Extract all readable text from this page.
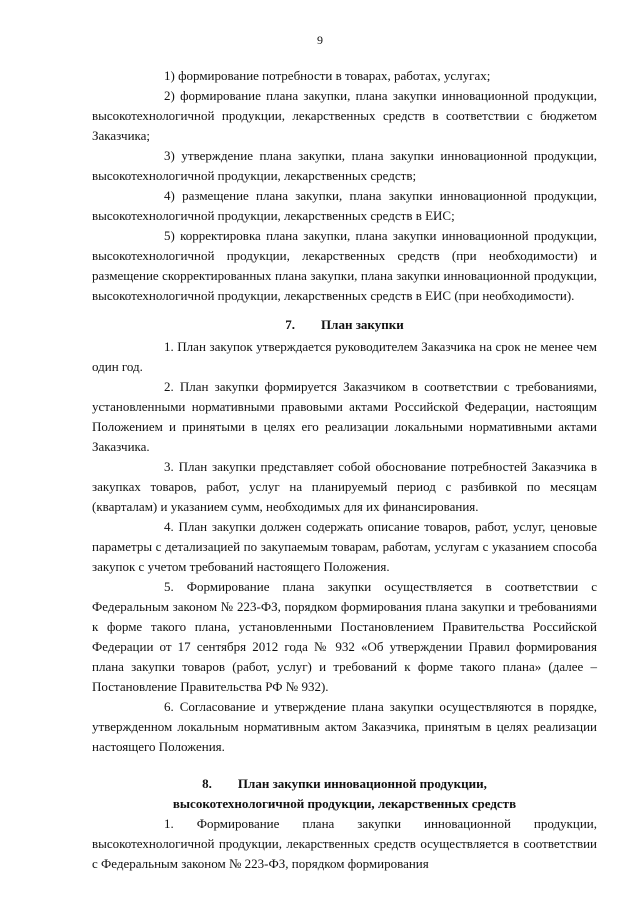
9

1) формирование потребности в товарах, работах, услугах;

2) формирование плана закупки, плана закупки инновационной продукции, высокотехнологичной продукции, лекарственных средств в соответствии с бюджетом Заказчика;

3) утверждение плана закупки, плана закупки инновационной продукции, высокотехнологичной продукции, лекарственных средств;

4) размещение плана закупки, плана закупки инновационной продукции, высокотехнологичной продукции, лекарственных средств в ЕИС;

5) корректировка плана закупки, плана закупки инновационной продукции, высокотехнологичной продукции, лекарственных средств (при необходимости) и размещение скорректированных плана закупки, плана закупки инновационной продукции, высокотехнологичной продукции, лекарственных средств в ЕИС (при необходимости).

7. План закупки

1. План закупок утверждается руководителем Заказчика на срок не менее чем один год.

2. План закупки формируется Заказчиком в соответствии с требованиями, установленными нормативными правовыми актами Российской Федерации, настоящим Положением и принятыми в целях его реализации локальными нормативными актами Заказчика.

3. План закупки представляет собой обоснование потребностей Заказчика в закупках товаров, работ, услуг на планируемый период с разбивкой по месяцам (кварталам) и указанием сумм, необходимых для их финансирования.

4. План закупки должен содержать описание товаров, работ, услуг, ценовые параметры с детализацией по закупаемым товарам, работам, услугам с указанием способа закупок с учетом требований настоящего Положения.

5. Формирование плана закупки осуществляется в соответствии с Федеральным законом № 223-ФЗ, порядком формирования плана закупки и требованиями к форме такого плана, установленными Постановлением Правительства Российской Федерации от 17 сентября 2012 года № 932 «Об утверждении Правил формирования плана закупки товаров (работ, услуг) и требований к форме такого плана» (далее – Постановление Правительства РФ № 932).

6. Согласование и утверждение плана закупки осуществляются в порядке, утвержденном локальным нормативным актом Заказчика, принятым в целях реализации настоящего Положения.

8. План закупки инновационной продукции,
высокотехнологичной продукции, лекарственных средств

1. Формирование плана закупки инновационной продукции, высокотехнологичной продукции, лекарственных средств осуществляется в соответствии с Федеральным законом № 223-ФЗ, порядком формирования
